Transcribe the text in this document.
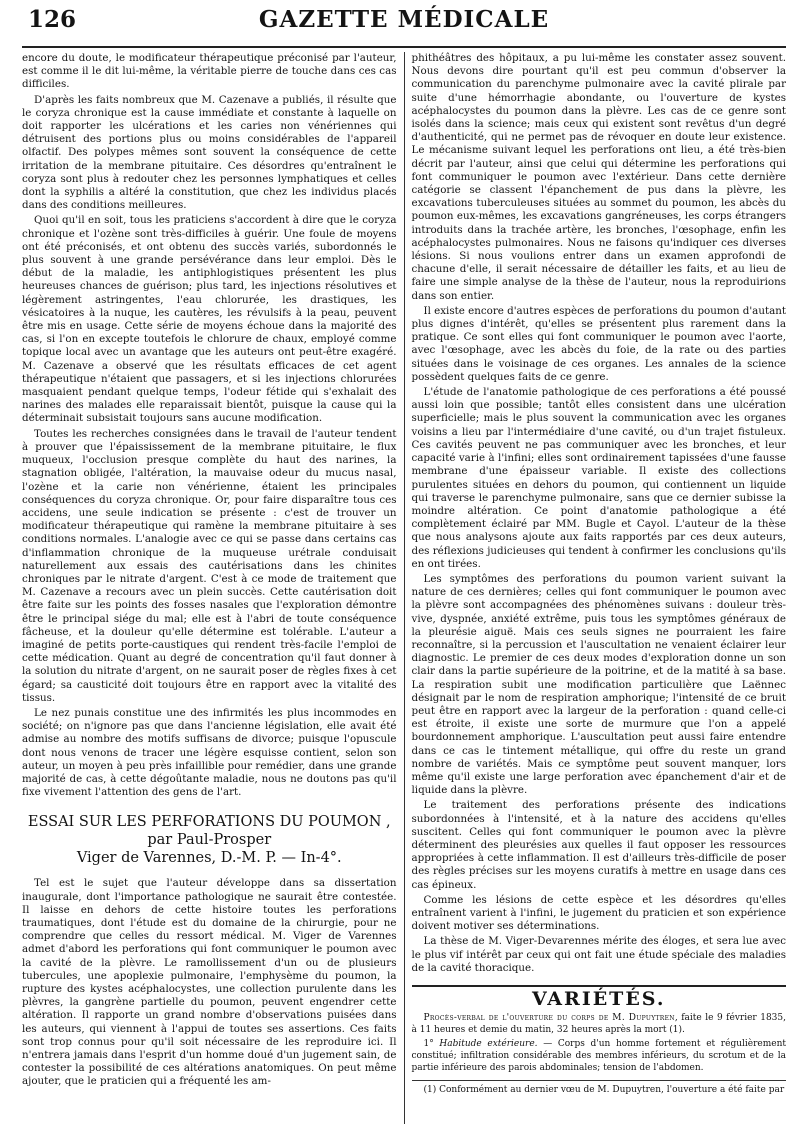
GAZETTE MÉDICALE
126

encore du doute, le modificateur thérapeutique préconisé par l'auteur, est comme il le dit lui-même, la véritable pierre de touche dans ces cas difficiles.

D'après les faits nombreux que M. Cazenave a publiés, il résulte que le coryza chronique est la cause immédiate et constante à laquelle on doit rapporter les ulcérations et les caries non vénériennes qui détruisent des portions plus ou moins considérables de l'appareil olfactif. Des polypes mêmes sont souvent la conséquence de cette irritation de la membrane pituitaire. Ces désordres qu'entraînent le coryza sont plus à redouter chez les personnes lymphatiques et celles dont la syphilis a altéré la constitution, que chez les individus placés dans des conditions meilleures.

Quoi qu'il en soit, tous les praticiens s'accordent à dire que le coryza chronique et l'ozène sont très-difficiles à guérir. Une foule de moyens ont été préconisés, et ont obtenu des succès variés, subordonnés le plus souvent à une grande persévérance dans leur emploi. Dès le début de la maladie, les antiphlogistiques présentent les plus heureuses chances de guérison; plus tard, les injections résolutives et légèrement astringentes, l'eau chlorurée, les drastiques, les vésicatoires à la nuque, les cautères, les révulsifs à la peau, peuvent être mis en usage. Cette série de moyens échoue dans la majorité des cas, si l'on en excepte toutefois le chlorure de chaux, employé comme topique local avec un avantage que les auteurs ont peut-être exagéré. M. Cazenave a observé que les résultats efficaces de cet agent thérapeutique n'étaient que passagers, et si les injections chlorurées masquaient pendant quelque temps, l'odeur fétide qui s'exhalait des narines des malades elle reparaissait bientôt, puisque la cause qui la déterminait subsistait toujours sans aucune modification.

Toutes les recherches consignées dans le travail de l'auteur tendent à prouver que l'épaississement de la membrane pituitaire, le flux muqueux, l'occlusion presque complète du haut des narines, la stagnation obligée, l'altération, la mauvaise odeur du mucus nasal, l'ozène et la carie non vénérienne, étaient les principales conséquences du coryza chronique. Or, pour faire disparaître tous ces accidens, une seule indication se présente : c'est de trouver un modificateur thérapeutique qui ramène la membrane pituitaire à ses conditions normales. L'analogie avec ce qui se passe dans certains cas d'inflammation chronique de la muqueuse urétrale conduisait naturellement aux essais des cautérisations dans les chinites chroniques par le nitrate d'argent. C'est à ce mode de traitement que M. Cazenave a recours avec un plein succès. Cette cautérisation doit être faite sur les points des fosses nasales que l'exploration démontre être le principal siége du mal; elle est à l'abri de toute conséquence fâcheuse, et la douleur qu'elle détermine est tolérable. L'auteur a imaginé de petits porte-caustiques qui rendent très-facile l'emploi de cette médication. Quant au degré de concentration qu'il faut donner à la solution du nitrate d'argent, on ne saurait poser de règles fixes à cet égard; sa causticité doit toujours être en rapport avec la vitalité des tissus.

Le nez punais constitue une des infirmités les plus incommodes en société; on n'ignore pas que dans l'ancienne législation, elle avait été admise au nombre des motifs suffisans de divorce; puisque l'opuscule dont nous venons de tracer une légère esquisse contient, selon son auteur, un moyen à peu près infaillible pour remédier, dans une grande majorité de cas, à cette dégoûtante maladie, nous ne doutons pas qu'il fixe vivement l'attention des gens de l'art.

ESSAI SUR LES PERFORATIONS DU POUMON , par Paul-Prosper
Viger de Varennes, D.-M. P. — In-4°.

Tel est le sujet que l'auteur développe dans sa dissertation inaugurale, dont l'importance pathologique ne saurait être contestée. Il laisse en dehors de cette histoire toutes les perforations traumatiques, dont l'étude est du domaine de la chirurgie, pour ne comprendre que celles du ressort médical. M. Viger de Varennes admet d'abord les perforations qui font communiquer le poumon avec la cavité de la plèvre. Le ramollissement d'un ou de plusieurs tubercules, une apoplexie pulmonaire, l'emphysème du poumon, la rupture des kystes acéphalocystes, une collection purulente dans les plèvres, la gangrène partielle du poumon, peuvent engendrer cette altération. Il rapporte un grand nombre d'observations puisées dans les auteurs, qui viennent à l'appui de toutes ses assertions. Ces faits sont trop connus pour qu'il soit nécessaire de les reproduire ici. Il n'entrera jamais dans l'esprit d'un homme doué d'un jugement sain, de contester la possibilité de ces altérations anatomiques. On peut même ajouter, que le praticien qui a fréquenté les am-

phithéâtres des hôpitaux, a pu lui-même les constater assez souvent. Nous devons dire pourtant qu'il est peu commun d'observer la communication du parenchyme pulmonaire avec la cavité plirale par suite d'une hémorrhagie abondante, ou l'ouverture de kystes acéphalocystes du poumon dans la plèvre. Les cas de ce genre sont isolés dans la science; mais ceux qui existent sont revêtus d'un degré d'authenticité, qui ne permet pas de révoquer en doute leur existence. Le mécanisme suivant lequel les perforations ont lieu, a été très-bien décrit par l'auteur, ainsi que celui qui détermine les perforations qui font communiquer le poumon avec l'extérieur. Dans cette dernière catégorie se classent l'épanchement de pus dans la plèvre, les excavations tuberculeuses situées au sommet du poumon, les abcès du poumon eux-mêmes, les excavations gangréneuses, les corps étrangers introduits dans la trachée artère, les bronches, l'œsophage, enfin les acéphalocystes pulmonaires. Nous ne faisons qu'indiquer ces diverses lésions. Si nous voulions entrer dans un examen approfondi de chacune d'elle, il serait nécessaire de détailler les faits, et au lieu de faire une simple analyse de la thèse de l'auteur, nous la reproduirions dans son entier.

Il existe encore d'autres espèces de perforations du poumon d'autant plus dignes d'intérêt, qu'elles se présentent plus rarement dans la pratique. Ce sont elles qui font communiquer le poumon avec l'aorte, avec l'œsophage, avec les abcès du foie, de la rate ou des parties situées dans le voisinage de ces organes. Les annales de la science possèdent quelques faits de ce genre.

L'étude de l'anatomie pathologique de ces perforations a été poussé aussi loin que possible; tantôt elles consistent dans une ulcération superficielle; mais le plus souvent la communication avec les organes voisins a lieu par l'intermédiaire d'une cavité, ou d'un trajet fistuleux. Ces cavités peuvent ne pas communiquer avec les bronches, et leur capacité varie à l'infini; elles sont ordinairement tapissées d'une fausse membrane d'une épaisseur variable. Il existe des collections purulentes situées en dehors du poumon, qui contiennent un liquide qui traverse le parenchyme pulmonaire, sans que ce dernier subisse la moindre altération. Ce point d'anatomie pathologique a été complètement éclairé par MM. Bugle et Cayol. L'auteur de la thèse que nous analysons ajoute aux faits rapportés par ces deux auteurs, des réflexions judicieuses qui tendent à confirmer les conclusions qu'ils en ont tirées.

Les symptômes des perforations du poumon varient suivant la nature de ces dernières; celles qui font communiquer le poumon avec la plèvre sont accompagnées des phénomènes suivans : douleur très-vive, dyspnée, anxiété extrême, puis tous les symptômes généraux de la pleurésie aiguë. Mais ces seuls signes ne pourraient les faire reconnaître, si la percussion et l'auscultation ne venaient éclairer leur diagnostic. Le premier de ces deux modes d'exploration donne un son clair dans la partie supérieure de la poitrine, et de la matité à sa base. La respiration subit une modification particulière que Laënnec désignait par le nom de respiration amphorique; l'intensité de ce bruit peut être en rapport avec la largeur de la perforation : quand celle-ci est étroite, il existe une sorte de murmure que l'on a appelé bourdonnement amphorique. L'auscultation peut aussi faire entendre dans ce cas le tintement métallique, qui offre du reste un grand nombre de variétés. Mais ce symptôme peut souvent manquer, lors même qu'il existe une large perforation avec épanchement d'air et de liquide dans la plèvre.

Le traitement des perforations présente des indications subordonnées à l'intensité, et à la nature des accidens qu'elles suscitent. Celles qui font communiquer le poumon avec la plèvre déterminent des pleurésies aux quelles il faut opposer les ressources appropriées à cette inflammation. Il est d'ailleurs très-difficile de poser des règles précises sur les moyens curatifs à mettre en usage dans ces cas épineux.

Comme les lésions de cette espèce et les désordres qu'elles entraînent varient à l'infini, le jugement du praticien et son expérience doivent motiver ses déterminations.

La thèse de M. Viger-Devarennes mérite des éloges, et sera lue avec le plus vif intérêt par ceux qui ont fait une étude spéciale des maladies de la cavité thoracique.

VARIÉTÉS.

Procès-verbal de l'ouverture du corps de M. Dupuytren, faite le 9 février 1835, à 11 heures et demie du matin, 32 heures après la mort (1).

1° Habitude extérieure. — Corps d'un homme fortement et régulièrement constitué; infiltration considérable des membres inférieurs, du scrotum et de la partie inférieure des parois abdominales; tension de l'abdomen.

(1) Conformément au dernier vœu de M. Dupuytren, l'ouverture a été faite par
